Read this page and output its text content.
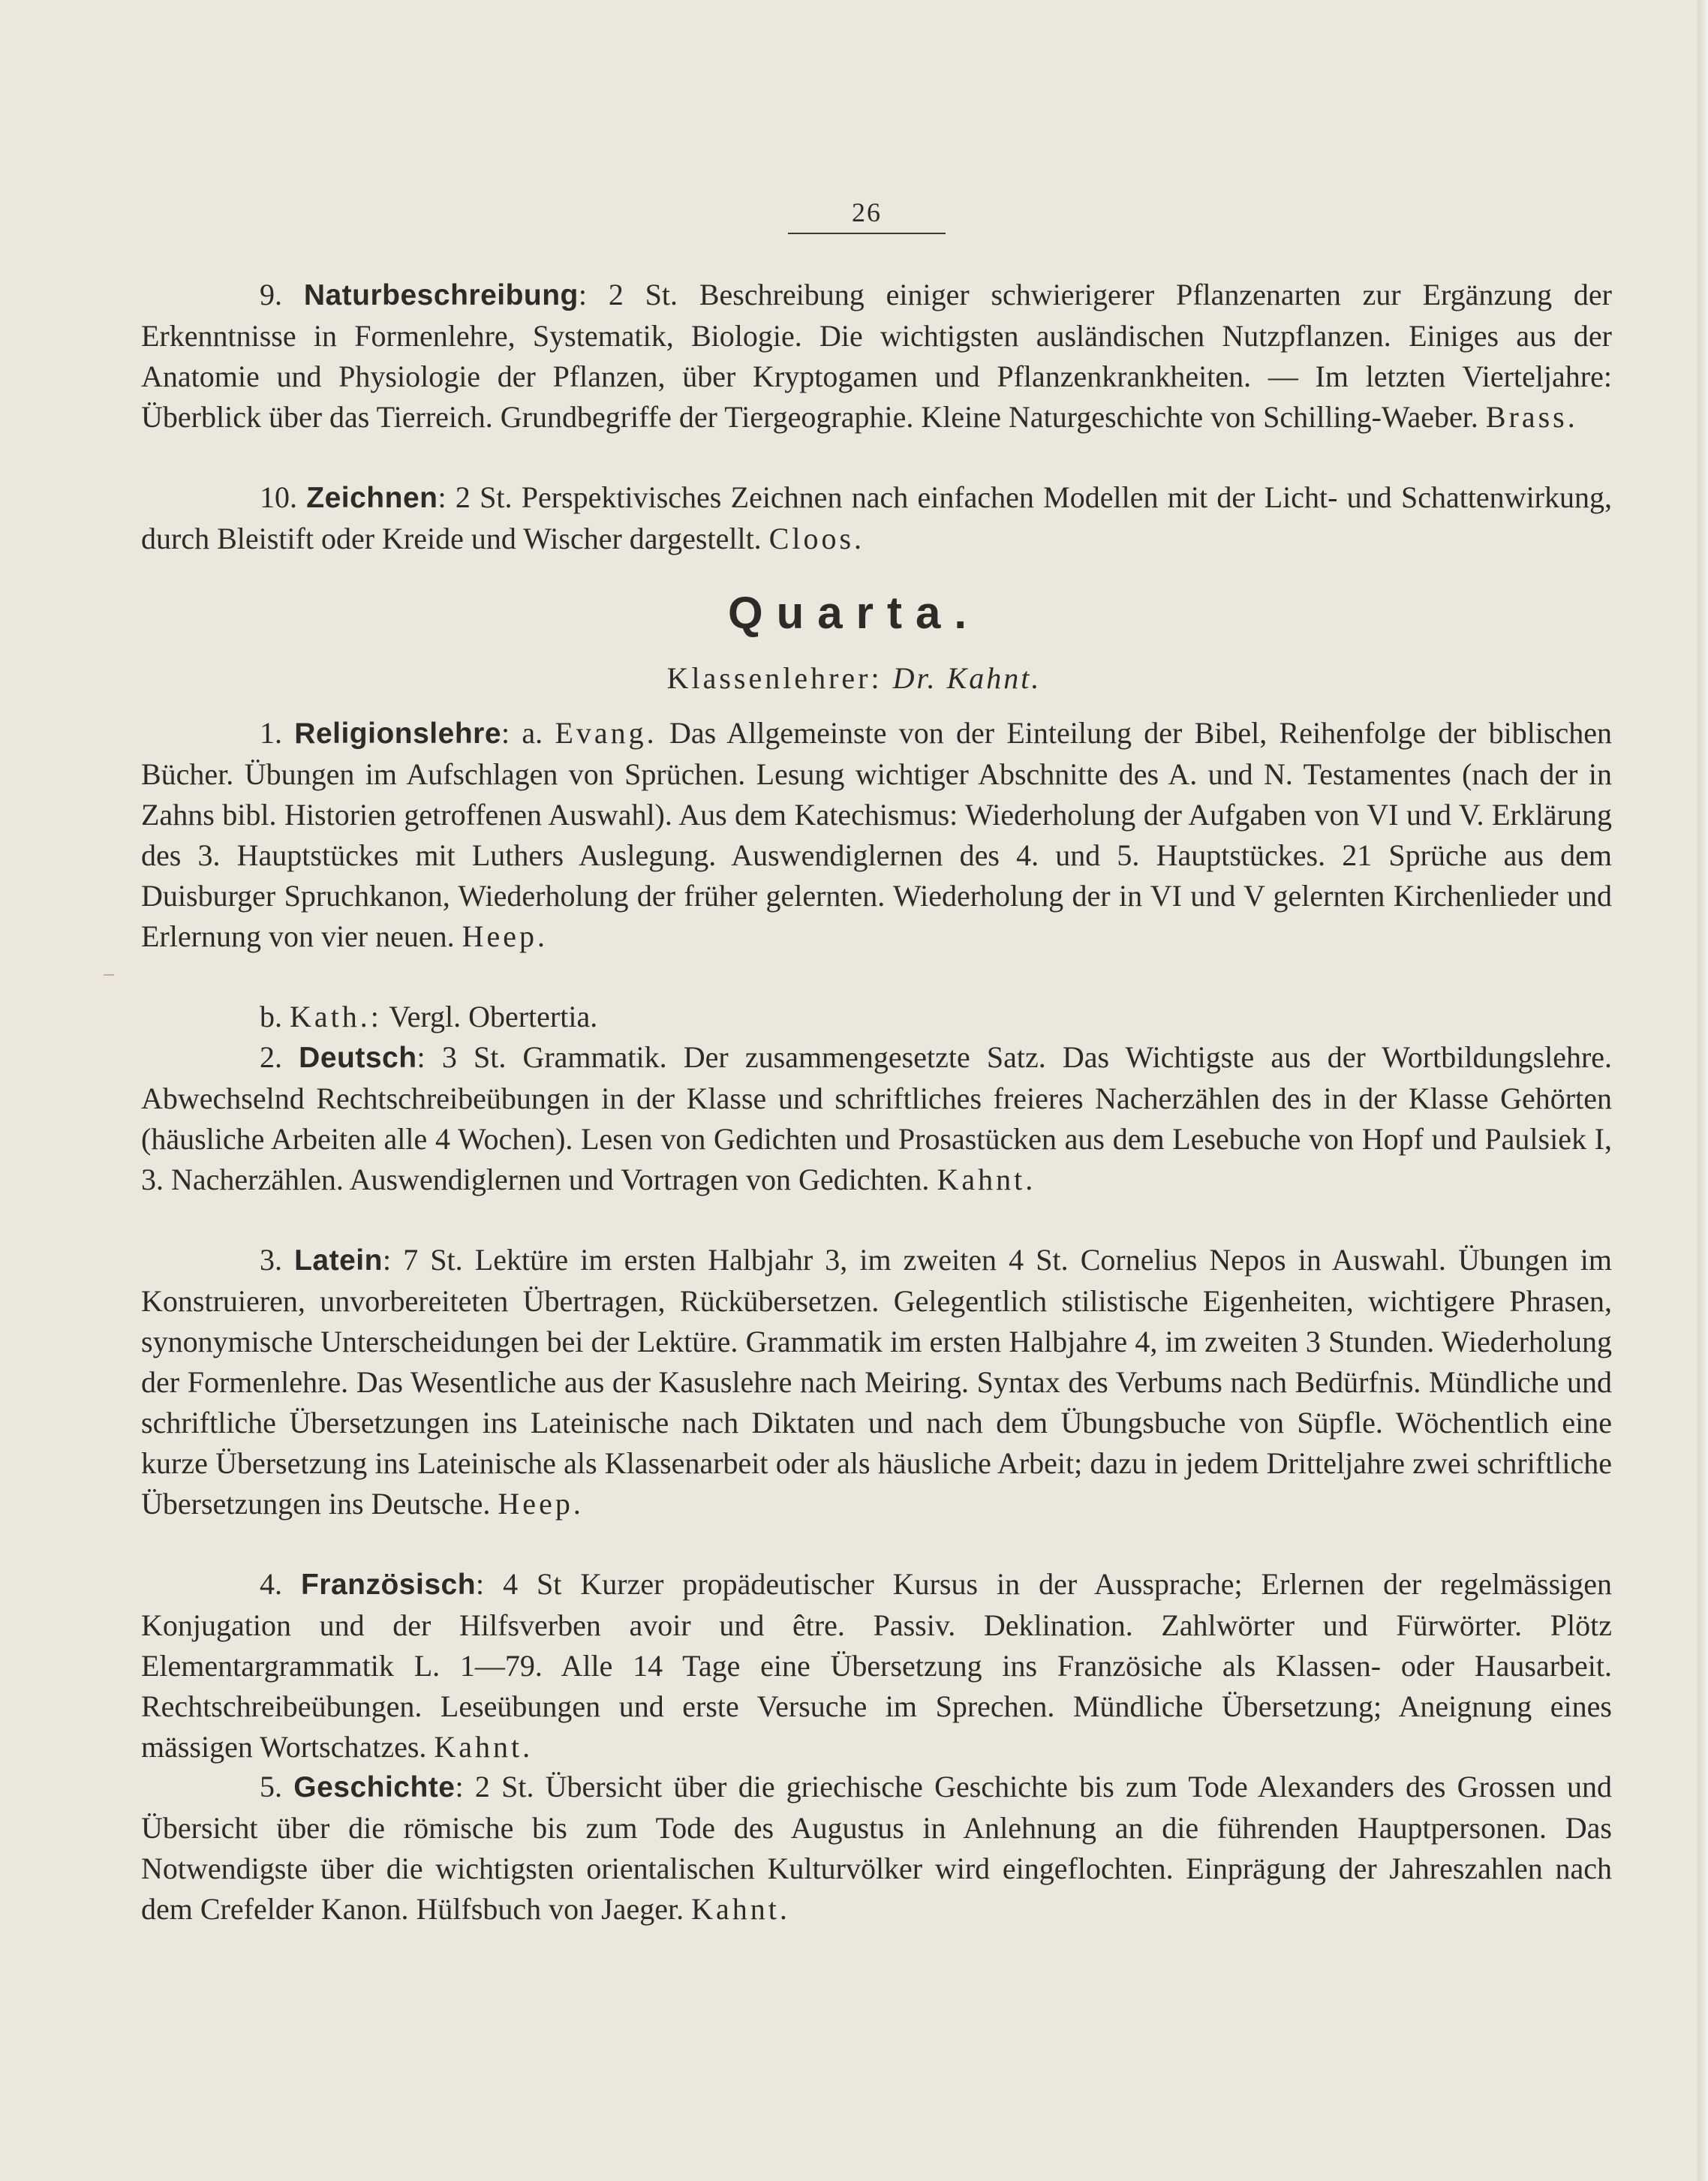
26

9. Naturbeschreibung: 2 St. Beschreibung einiger schwierigerer Pflanzenarten zur Ergänzung der Erkenntnisse in Formenlehre, Systematik, Biologie. Die wichtigsten ausländischen Nutzpflanzen. Einiges aus der Anatomie und Physiologie der Pflanzen, über Kryptogamen und Pflanzenkrankheiten. — Im letzten Vierteljahre: Überblick über das Tierreich. Grundbegriffe der Tiergeographie. Kleine Naturgeschichte von Schilling-Waeber. Brass.

10. Zeichnen: 2 St. Perspektivisches Zeichnen nach einfachen Modellen mit der Licht- und Schattenwirkung, durch Bleistift oder Kreide und Wischer dargestellt. Cloos.

Quarta.
Klassenlehrer: Dr. Kahnt.

1. Religionslehre: a. Evang. Das Allgemeinste von der Einteilung der Bibel, Reihenfolge der biblischen Bücher. Übungen im Aufschlagen von Sprüchen. Lesung wichtiger Abschnitte des A. und N. Testamentes (nach der in Zahns bibl. Historien getroffenen Auswahl). Aus dem Katechismus: Wiederholung der Aufgaben von VI und V. Erklärung des 3. Hauptstückes mit Luthers Auslegung. Auswendiglernen des 4. und 5. Hauptstückes. 21 Sprüche aus dem Duisburger Spruchkanon, Wiederholung der früher gelernten. Wiederholung der in VI und V gelernten Kirchenlieder und Erlernung von vier neuen. Heep.

b. Kath.: Vergl. Obertertia.

2. Deutsch: 3 St. Grammatik. Der zusammengesetzte Satz. Das Wichtigste aus der Wortbildungslehre. Abwechselnd Rechtschreibeübungen in der Klasse und schriftliches freieres Nacherzählen des in der Klasse Gehörten (häusliche Arbeiten alle 4 Wochen). Lesen von Gedichten und Prosastücken aus dem Lesebuche von Hopf und Paulsiek I, 3. Nacherzählen. Auswendiglernen und Vortragen von Gedichten. Kahnt.

3. Latein: 7 St. Lektüre im ersten Halbjahr 3, im zweiten 4 St. Cornelius Nepos in Auswahl. Übungen im Konstruieren, unvorbereiteten Übertragen, Rückübersetzen. Gelegentlich stilistische Eigenheiten, wichtigere Phrasen, synonymische Unterscheidungen bei der Lektüre. Grammatik im ersten Halbjahre 4, im zweiten 3 Stunden. Wiederholung der Formenlehre. Das Wesentliche aus der Kasuslehre nach Meiring. Syntax des Verbums nach Bedürfnis. Mündliche und schriftliche Übersetzungen ins Lateinische nach Diktaten und nach dem Übungsbuche von Süpfle. Wöchentlich eine kurze Übersetzung ins Lateinische als Klassenarbeit oder als häusliche Arbeit; dazu in jedem Dritteljahre zwei schriftliche Übersetzungen ins Deutsche. Heep.

4. Französisch: 4 St Kurzer propädeutischer Kursus in der Aussprache; Erlernen der regelmässigen Konjugation und der Hilfsverben avoir und être. Passiv. Deklination. Zahlwörter und Fürwörter. Plötz Elementargrammatik L. 1—79. Alle 14 Tage eine Übersetzung ins Französiche als Klassen- oder Hausarbeit. Rechtschreibeübungen. Leseübungen und erste Versuche im Sprechen. Mündliche Übersetzung; Aneignung eines mässigen Wortschatzes. Kahnt.

5. Geschichte: 2 St. Übersicht über die griechische Geschichte bis zum Tode Alexanders des Grossen und Übersicht über die römische bis zum Tode des Augustus in Anlehnung an die führenden Hauptpersonen. Das Notwendigste über die wichtigsten orientalischen Kulturvölker wird eingeflochten. Einprägung der Jahreszahlen nach dem Crefelder Kanon. Hülfsbuch von Jaeger. Kahnt.
